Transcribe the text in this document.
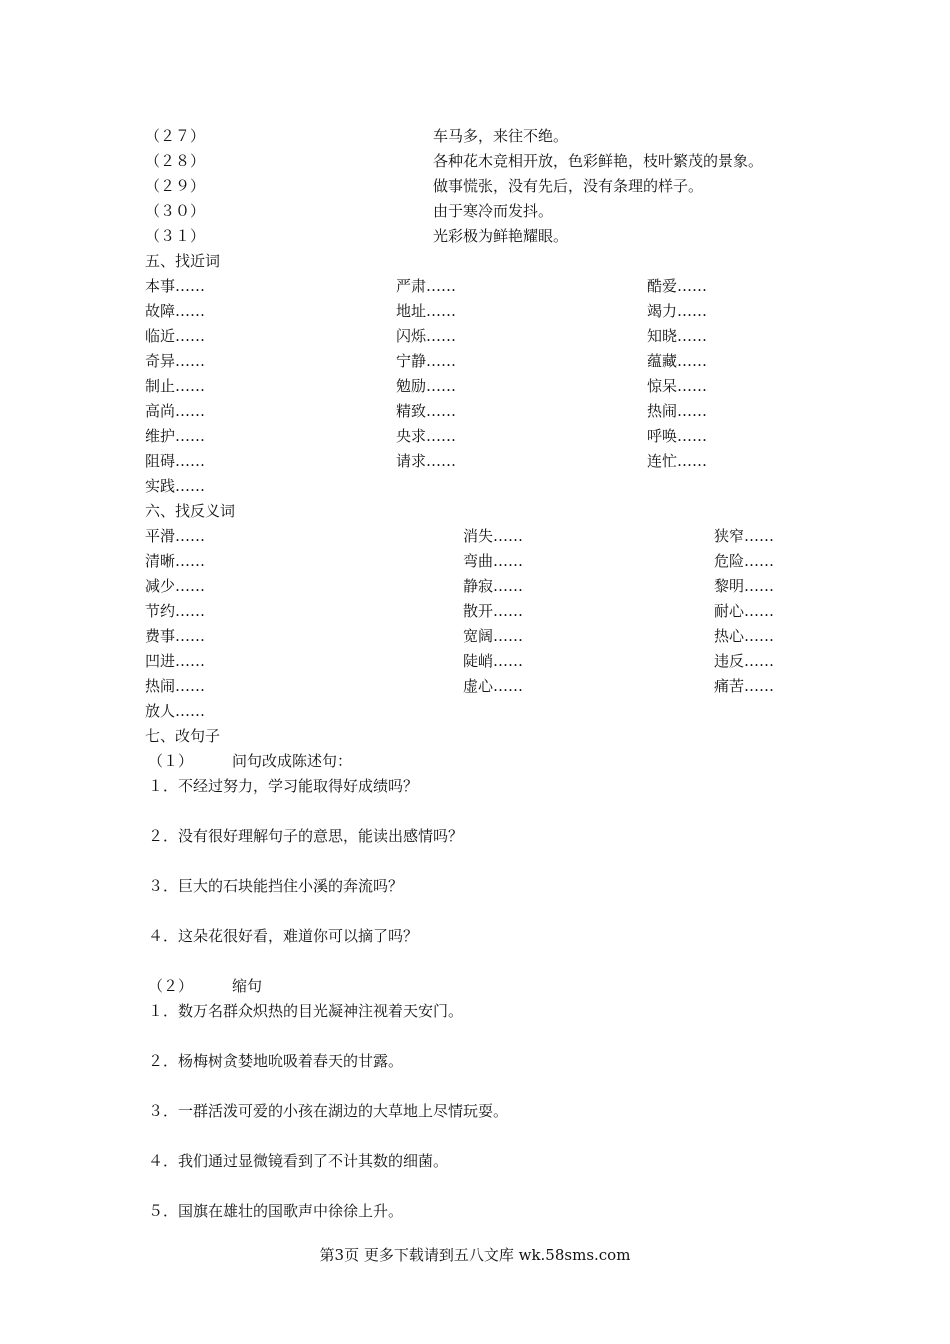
（２７）	车马多，来往不绝。
（２８）	各种花木竞相开放，色彩鲜艳，枝叶繁茂的景象。
（２９）	做事慌张，没有先后，没有条理的样子。
（３０）	由于寒冷而发抖。
（３１）	光彩极为鲜艳耀眼。
五、找近词
本事……	严肃……	酷爱……
故障……	地址……	竭力……
临近……	闪烁……	知晓……
奇异……	宁静……	蕴藏……
制止……	勉励……	惊呆……
高尚……	精致……	热闹……
维护……	央求……	呼唤……
阻碍……	请求……	连忙……
实践……
六、找反义词
平滑……	消失……	狭窄……
清晰……	弯曲……	危险……
减少……	静寂……	黎明……
节约……	散开……	耐心……
费事……	宽阔……	热心……
凹进……	陡峭……	违反……
热闹……	虚心……	痛苦……
放人……
七、改句子
（１）	问句改成陈述句：
１．不经过努力，学习能取得好成绩吗？
２．没有很好理解句子的意思，能读出感情吗？
３．巨大的石块能挡住小溪的奔流吗？
４．这朵花很好看，难道你可以摘了吗？
（２）	缩句
１．数万名群众炽热的目光凝神注视着天安门。
２．杨梅树贪婪地吮吸着春天的甘露。
３．一群活泼可爱的小孩在湖边的大草地上尽情玩耍。
４．我们通过显微镜看到了不计其数的细菌。
５．国旗在雄壮的国歌声中徐徐上升。
第3页 更多下载请到五八文库 wk.58sms.com
